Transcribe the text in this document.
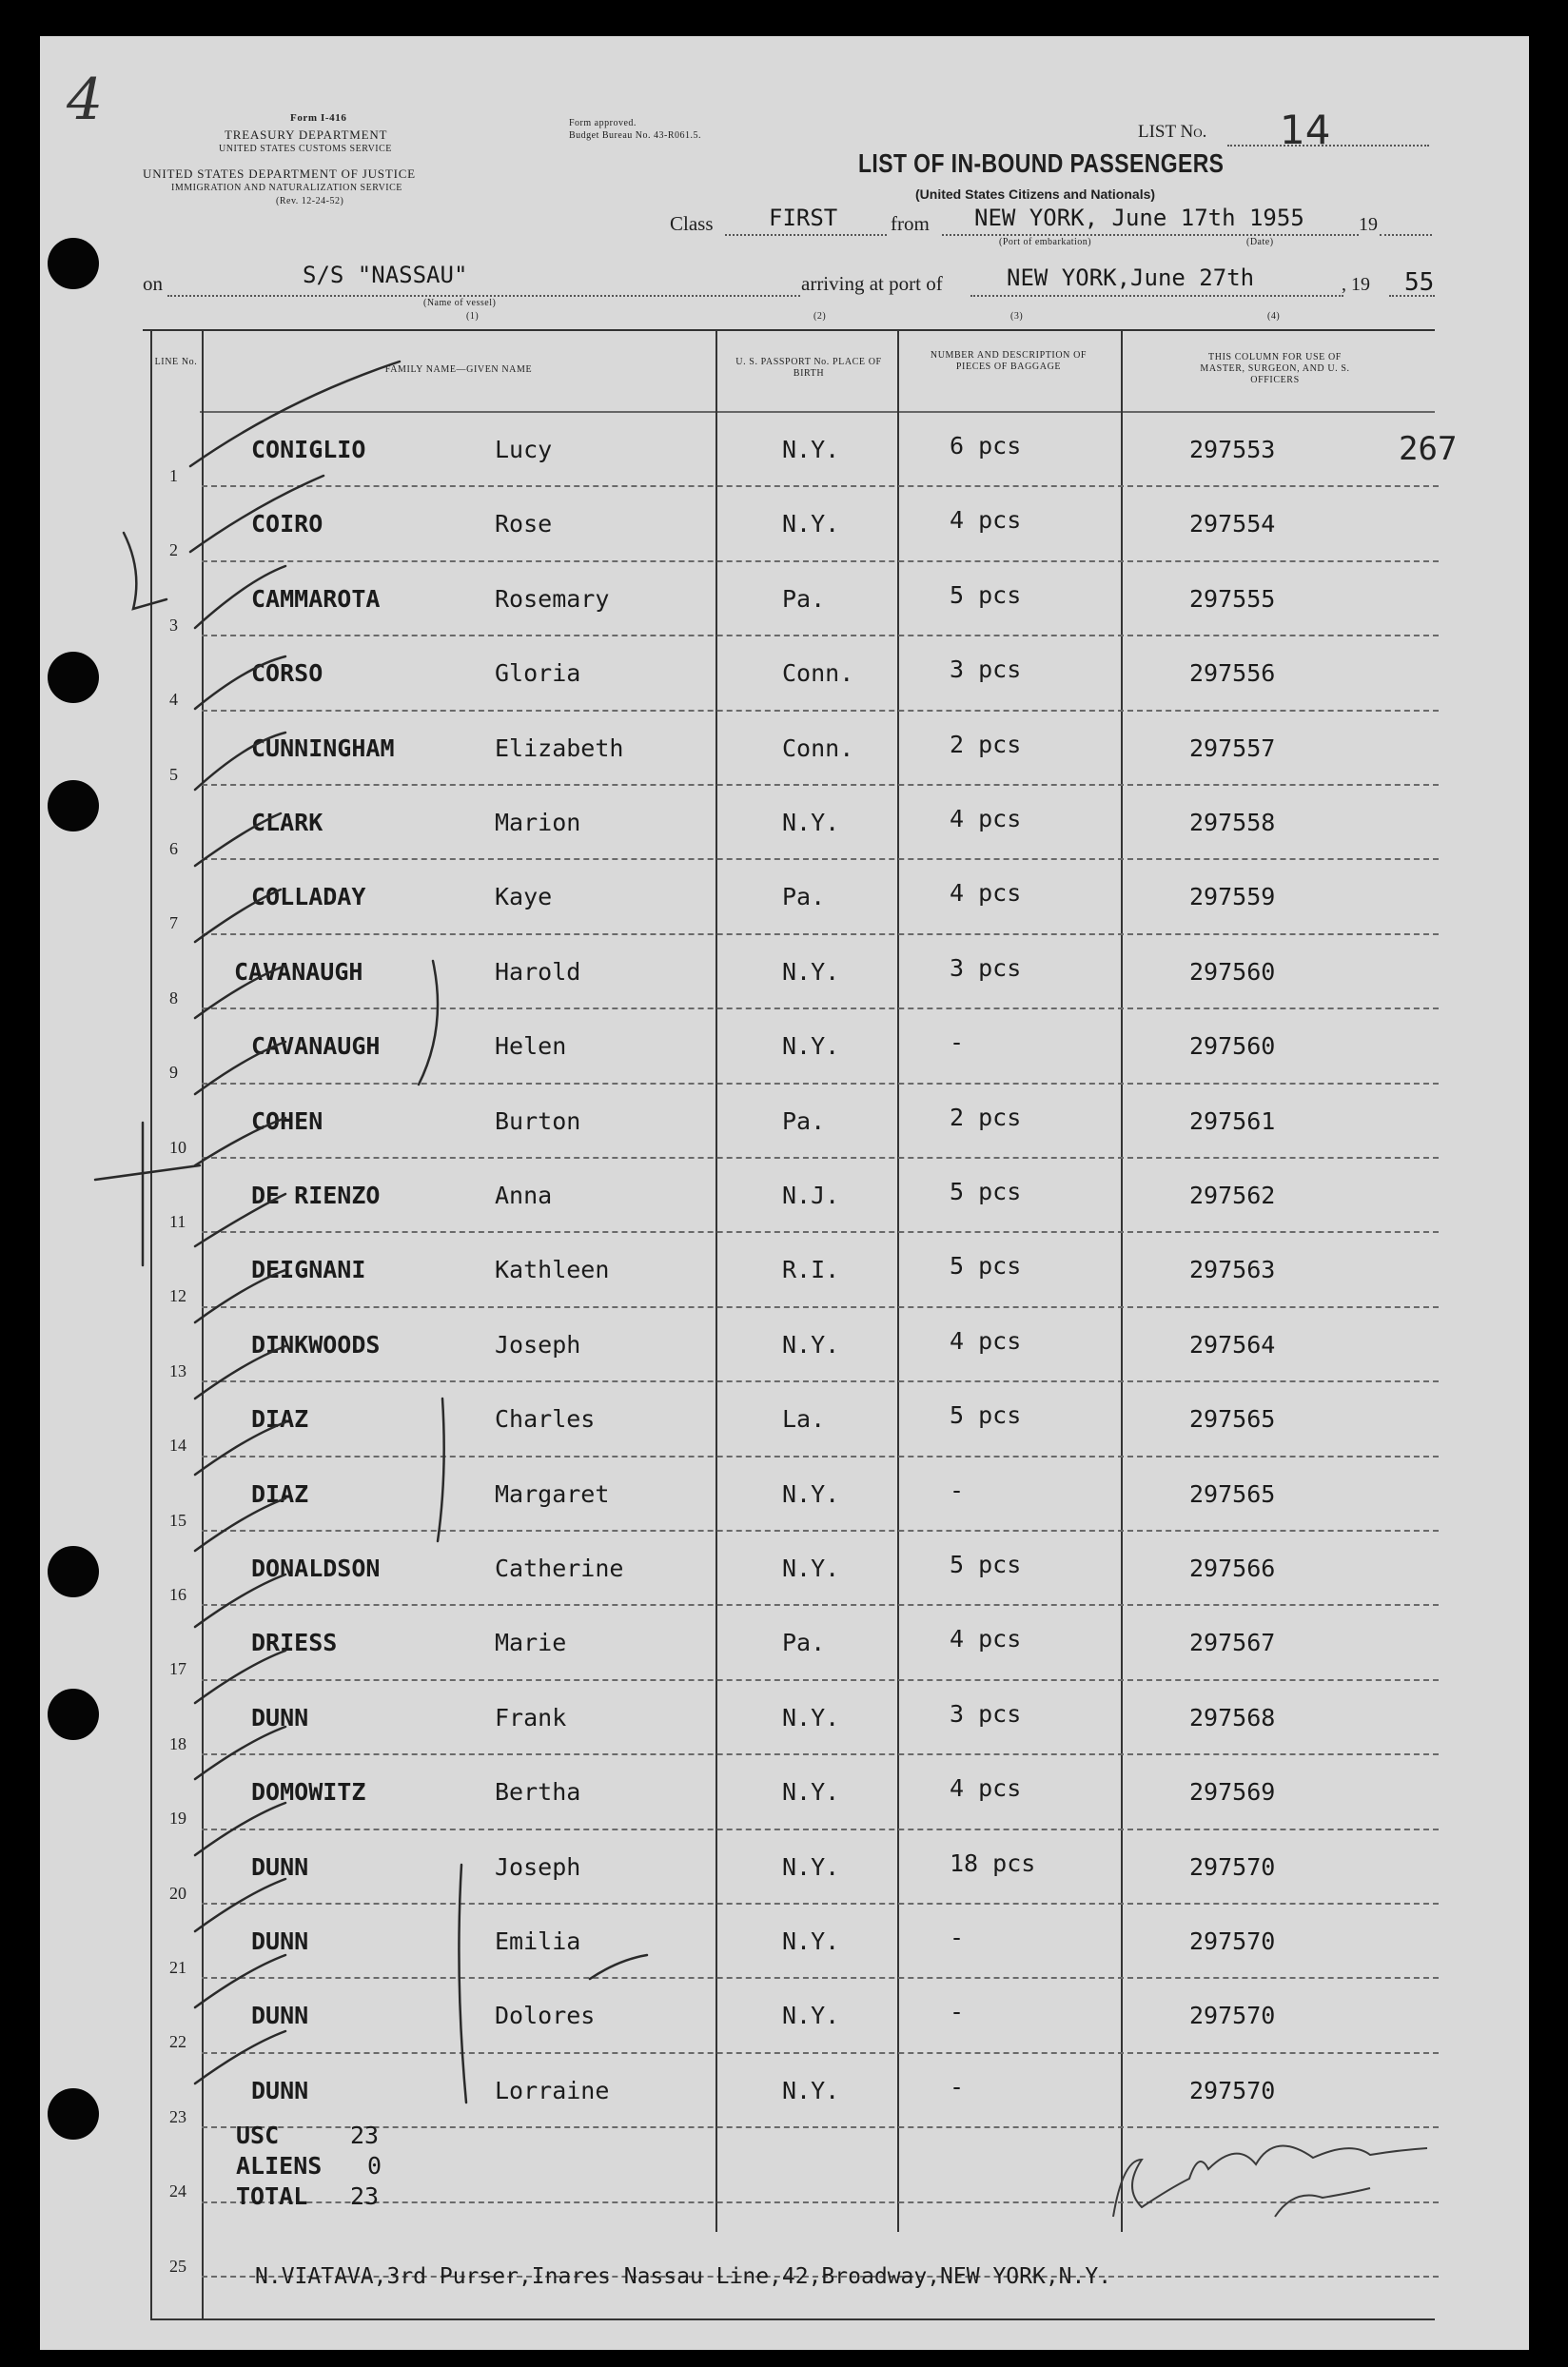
4	Form I-416
TREASURY DEPARTMENT
UNITED STATES CUSTOMS SERVICE
UNITED STATES DEPARTMENT OF JUSTICE
IMMIGRATION AND NATURALIZATION SERVICE
(Rev. 12-24-52)
Form approved.
Budget Bureau No. 43-R061.5.	LIST No. 14
LIST OF IN-BOUND PASSENGERS
(United States Citizens and Nationals)
Class FIRST	from NEW YORK, June 17th 1955	19
(Port of embarkation)	(Date)
on	S/S "NASSAU"
(Name of vessel)
(1)
arriving at port of	NEW YORK,June 27th	, 19 55
(2)	(3)	(4)
LINE No.
FAMILY NAME—GIVEN NAME
U. S. PASSPORT No. PLACE OF BIRTH
NUMBER AND DESCRIPTION OF PIECES OF BAGGAGE
THIS COLUMN FOR USE OF MASTER, SURGEON, AND U. S. OFFICERS
267
1
CONIGLIO	Lucy	N.Y.	6 pcs	297553
2
COIRO	Rose	N.Y.	4 pcs	297554
3
CAMMAROTA	Rosemary	Pa.	5 pcs	297555
4
CORSO	Gloria	Conn.	3 pcs	297556
5
CUNNINGHAM	Elizabeth	Conn.	2 pcs	297557
6
CLARK	Marion	N.Y.	4 pcs	297558
7
COLLADAY	Kaye	Pa.	4 pcs	297559
8
CAVANAUGH	Harold	N.Y.	3 pcs	297560
9
CAVANAUGH	Helen	N.Y.	-	297560
10
COHEN	Burton	Pa.	2 pcs	297561
11
DE RIENZO	Anna	N.J.	5 pcs	297562
12
DEIGNANI	Kathleen	R.I.	5 pcs	297563
13
DINKWOODS	Joseph	N.Y.	4 pcs	297564
14
DIAZ	Charles	La.	5 pcs	297565
15
DIAZ	Margaret	N.Y.	-	297565
16
DONALDSON	Catherine	N.Y.	5 pcs	297566
17
DRIESS	Marie	Pa.	4 pcs	297567
18
DUNN	Frank	N.Y.	3 pcs	297568
19
DOMOWITZ	Bertha	N.Y.	4 pcs	297569
20
DUNN	Joseph	N.Y.	18 pcs	297570
21
DUNN	Emilia	N.Y.	-	297570
22
DUNN	Dolores	N.Y.	-	297570
23
DUNN	Lorraine	N.Y.	-	297570
24
25
USC	23
ALIENS 0
TOTAL 23
N.VIATAVA,3rd Purser,Inares Nassau Line,42,Broadway,NEW YORK,N.Y.
